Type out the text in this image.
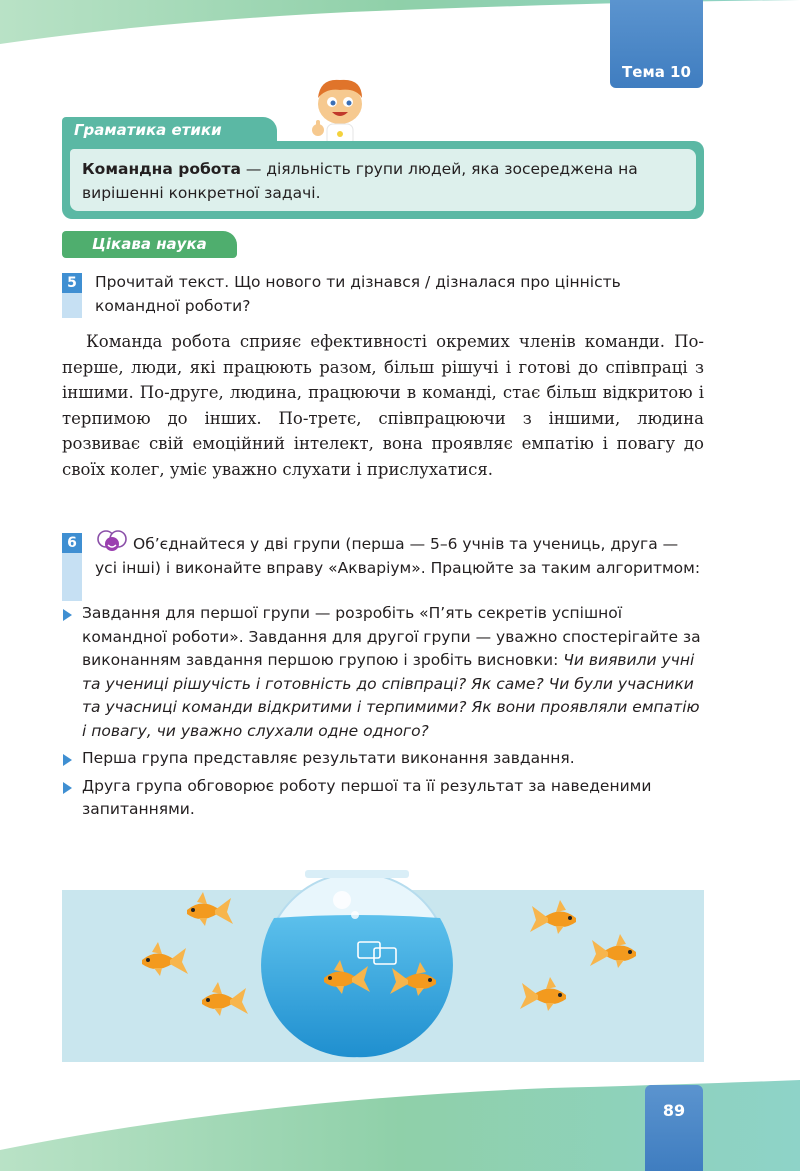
Тема 10
Граматика етики
Командна робота — діяльність групи людей, яка зосереджена на вирішенні конкретної задачі.
Цікава наука
5	Прочитай текст. Що нового ти дізнався / дізналася про цінність командної роботи?
Команда робота сприяє ефективності окремих членів команди. По-перше, люди, які працюють разом, більш рішучі і готові до співпраці з іншими. По-друге, людина, працюючи в команді, стає більш відкритою і терпимою до інших. По-третє, співпрацюючи з іншими, людина розвиває свій емоційний інтелект, вона проявляє емпатію і повагу до своїх колег, уміє уважно слухати і прислухатися.
6	Об’єднайтеся у дві групи (перша — 5–6 учнів та учениць, друга — усі інші) і виконайте вправу «Акваріум». Працюйте за таким алгоритмом:
Завдання для першої групи — розробіть «П’ять секретів успішної командної роботи». Завдання для другої групи — уважно спостерігайте за виконанням завдання першою групою і зробіть висновки: Чи виявили учні та учениці рішучість і готовність до співпраці? Як саме? Чи були учасники та учасниці команди відкритими і терпимими? Як вони проявляли емпатію і повагу, чи уважно слухали одне одного?
Перша група представляє результати виконання завдання.
Друга група обговорює роботу першої та її результат за наведеними запитаннями.
89
